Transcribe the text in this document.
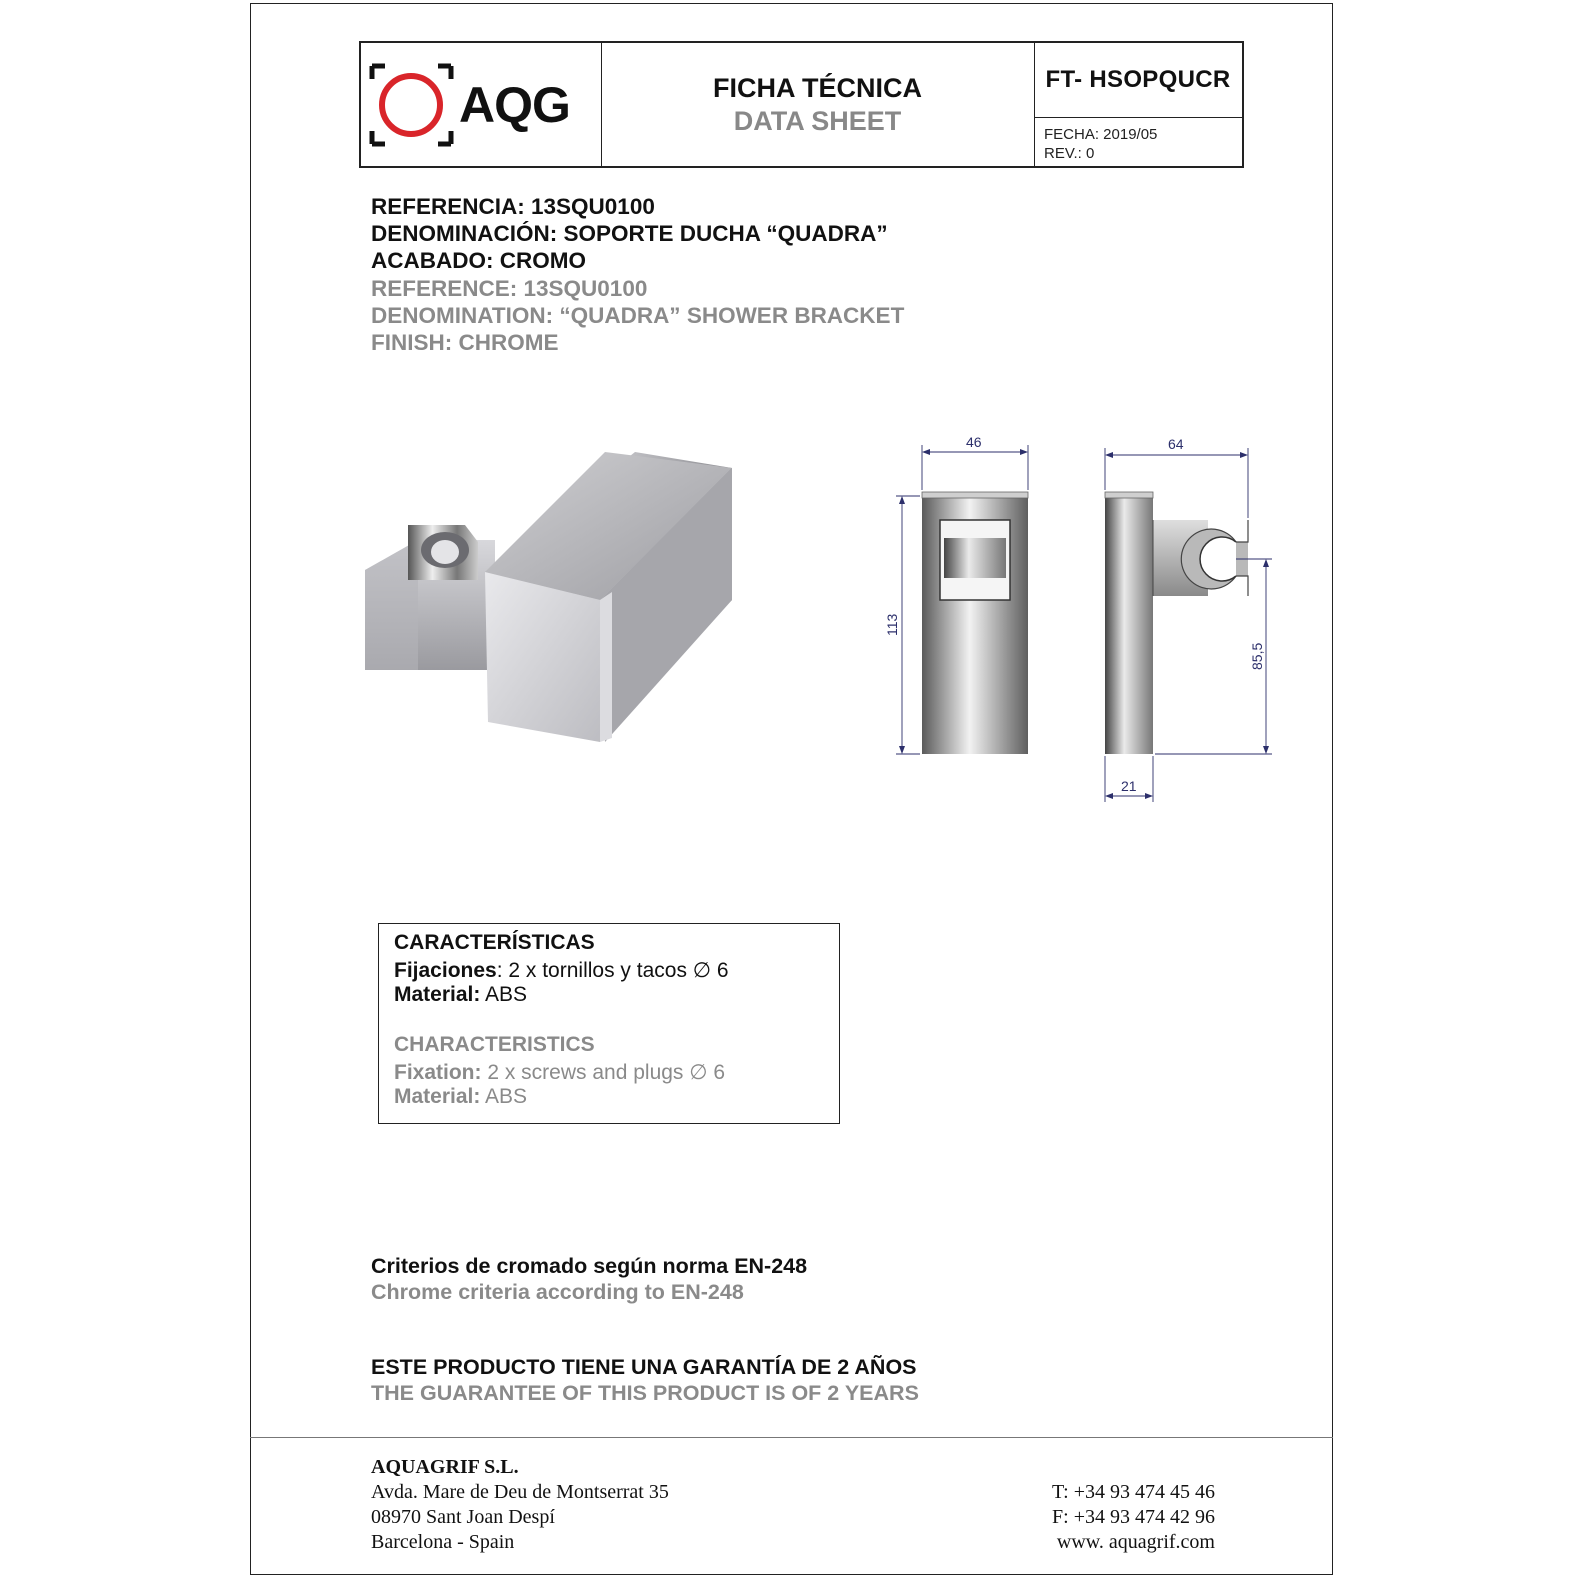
AQG	FICHA TÉCNICA
DATA SHEET
FT- HSOPQUCR
FECHA: 2019/05
REV.: 0
REFERENCIA: 13SQU0100
DENOMINACIÓN: SOPORTE DUCHA “QUADRA”
ACABADO: CROMO
REFERENCE: 13SQU0100
DENOMINATION: “QUADRA” SHOWER BRACKET
FINISH: CHROME
46
113
64
85,5
21
CARACTERÍSTICAS
Fijaciones: 2 x tornillos y tacos ∅ 6
Material: ABS
CHARACTERISTICS
Fixation: 2 x screws and plugs ∅ 6
Material: ABS
Criterios de cromado según norma EN-248
Chrome criteria according to EN-248
ESTE PRODUCTO TIENE UNA GARANTÍA DE 2 AÑOS
THE GUARANTEE OF THIS PRODUCT IS OF 2 YEARS
AQUAGRIF S.L.
Avda. Mare de Deu de Montserrat 35
08970 Sant Joan Despí
Barcelona - Spain
T: +34 93 474 45 46
F: +34 93 474 42 96
www. aquagrif.com
